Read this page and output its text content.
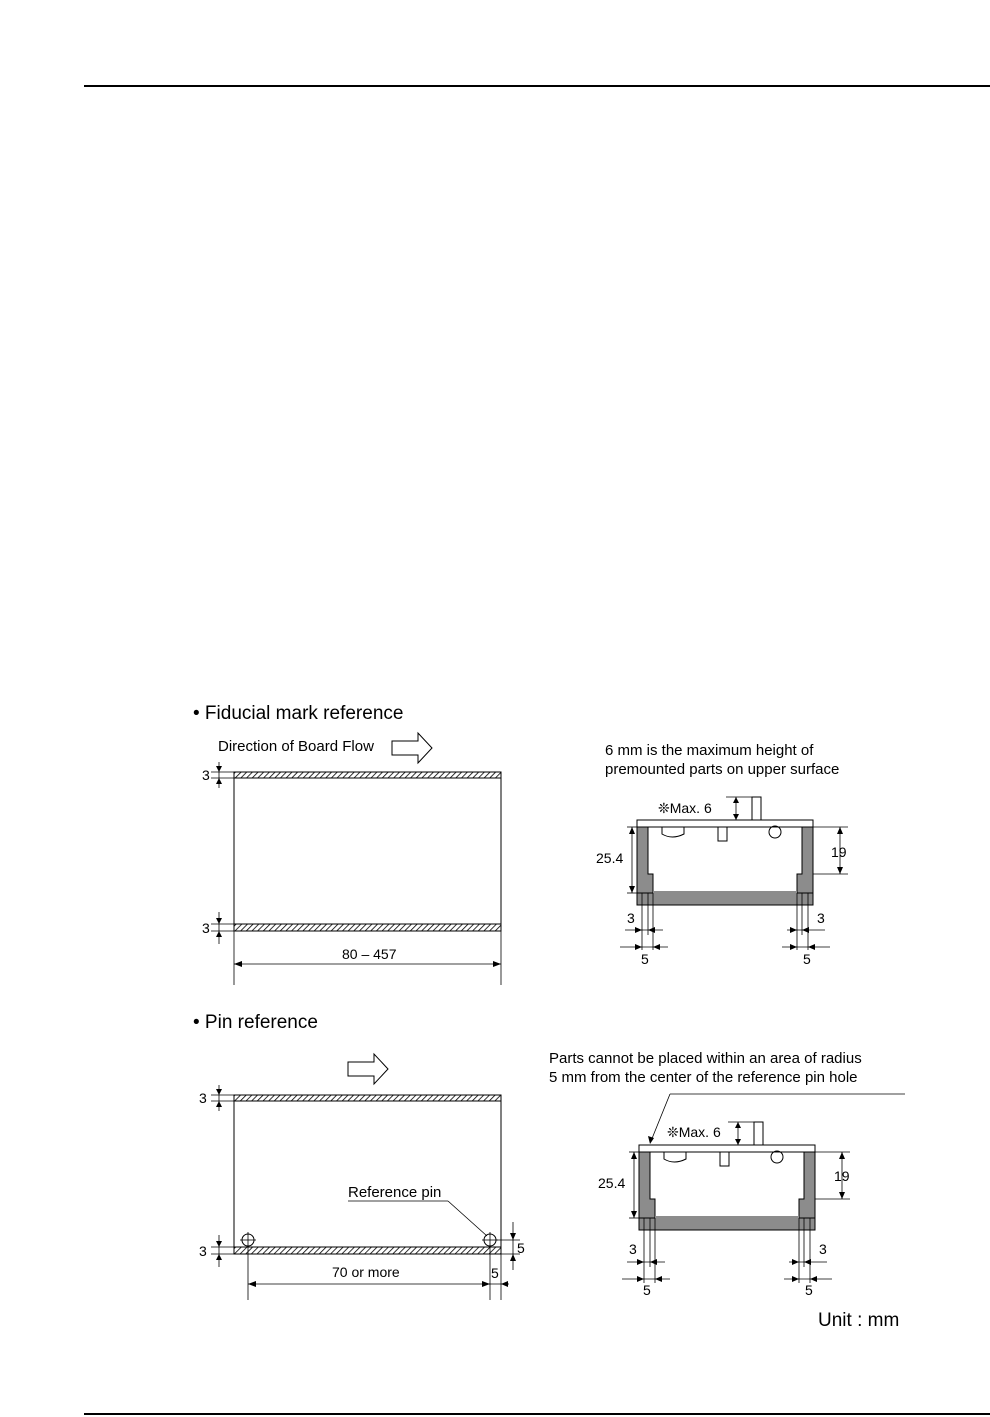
• Fiducial mark reference
Direction of Board Flow
3
3
80 – 457
6 mm is the maximum height of
premounted parts on upper surface
❊Max. 6
25.4	19
3	3
5	5
• Pin reference
3
3
Reference pin
70 or more	5
5
Parts cannot be placed within an area of radius
5 mm from the center of the reference pin hole
❊Max. 6
25.4	19
3	3
5	5
Unit : mm
